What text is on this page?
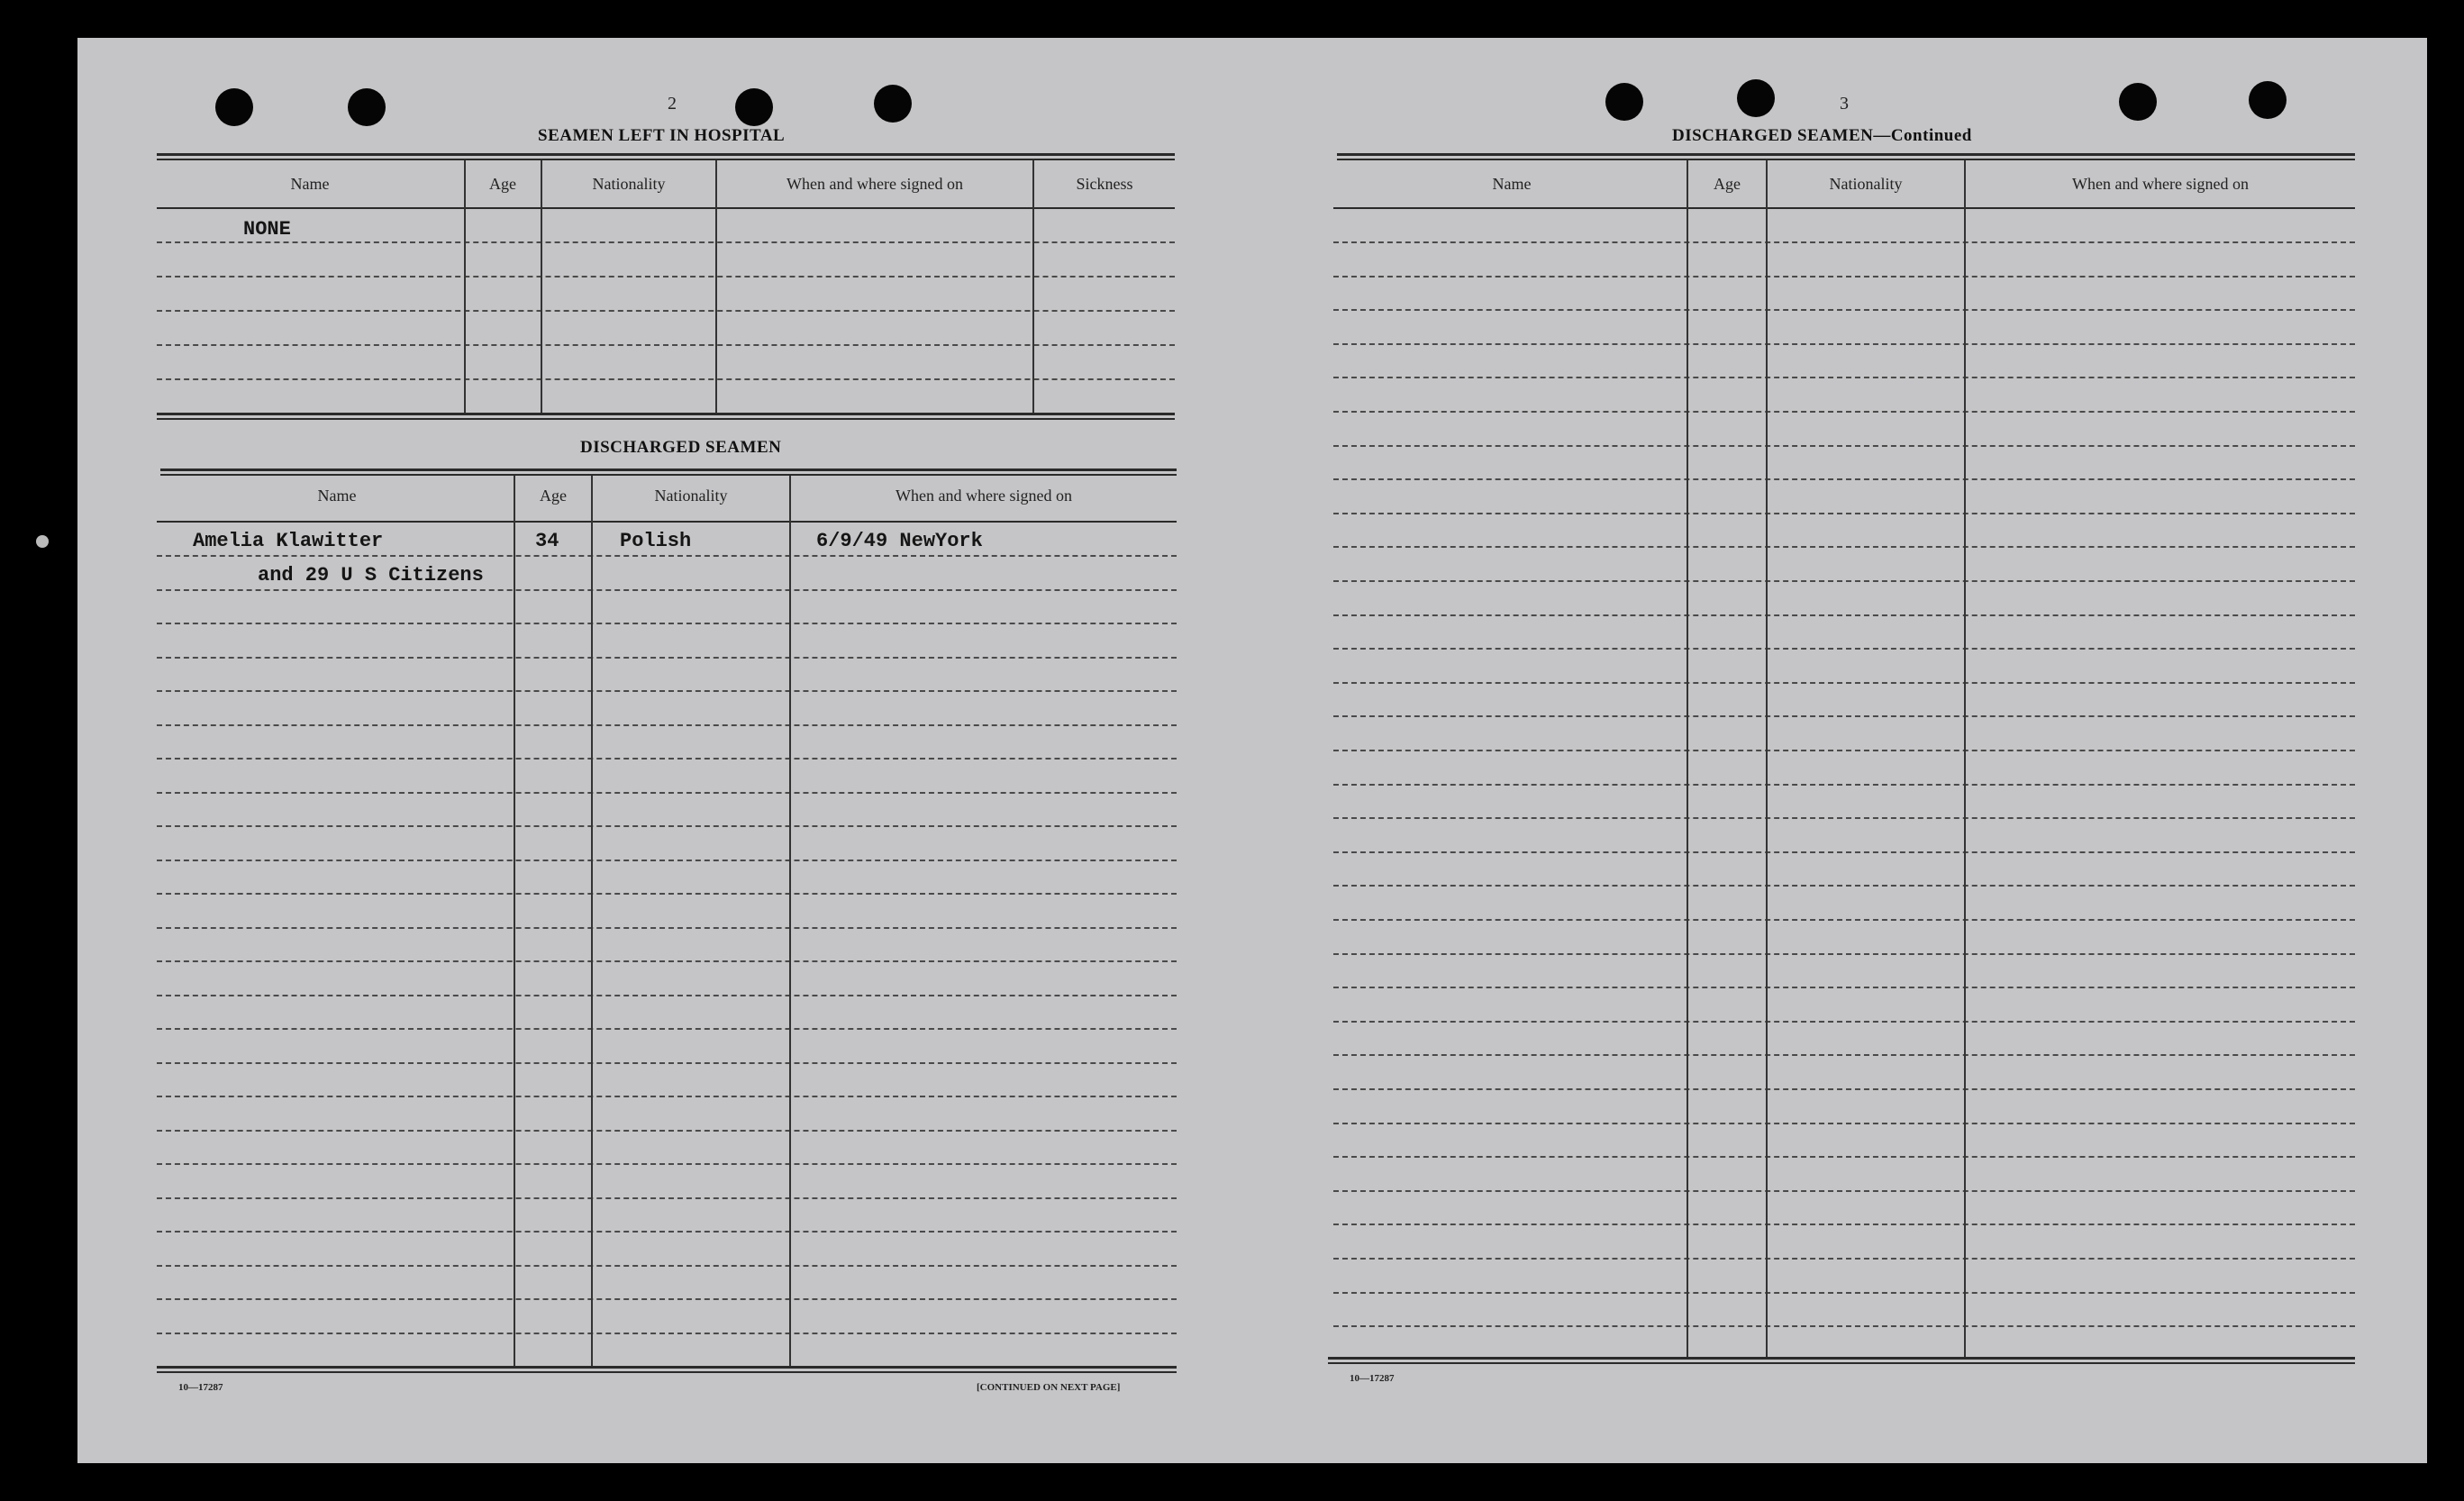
2
SEAMEN LEFT IN HOSPITAL
Name	Age	Nationality	When and where signed on	Sickness
NONE
DISCHARGED SEAMEN
Name	Age	Nationality	When and where signed on
Amelia Klawitter	34	Polish	6/9/49 NewYork
and 29 U S Citizens
10—17287	[CONTINUED ON NEXT PAGE]
3
DISCHARGED SEAMEN—Continued
Name	Age	Nationality	When and where signed on
10—17287
